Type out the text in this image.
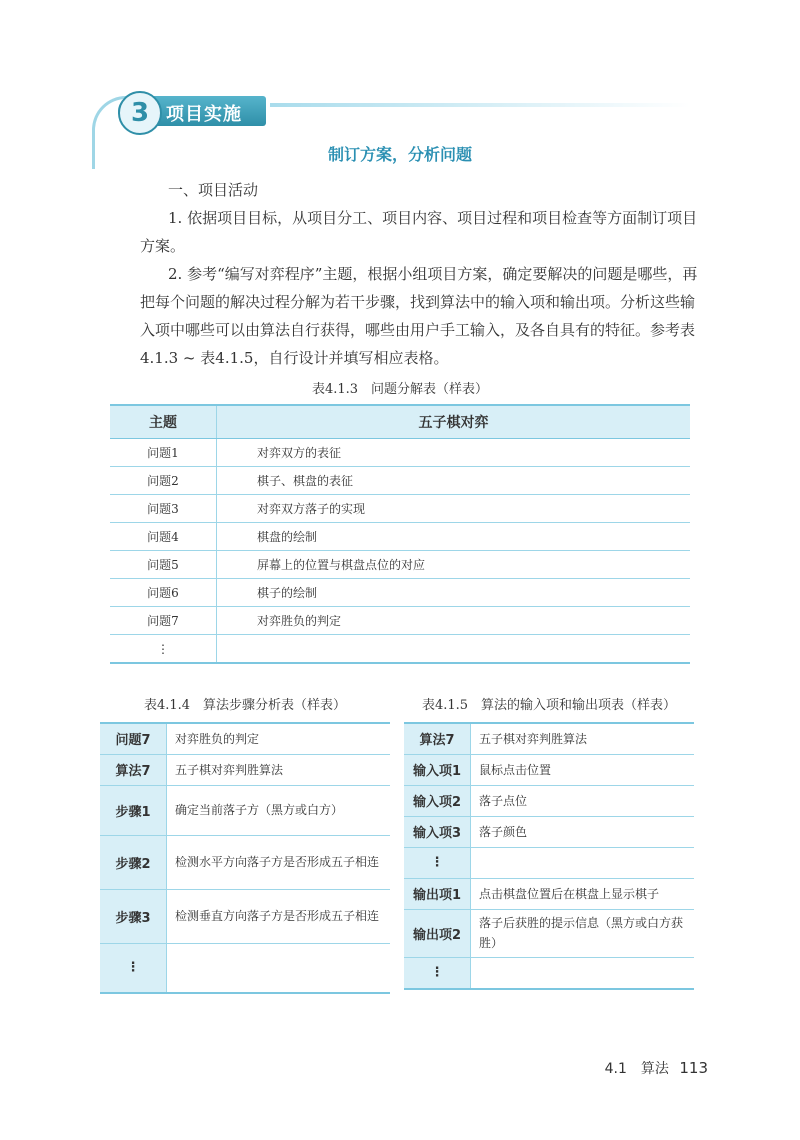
3 项目实施
制订方案，分析问题

一、项目活动

1. 依据项目目标，从项目分工、项目内容、项目过程和项目检查等方面制订项目方案。

2. 参考“编写对弈程序”主题，根据小组项目方案，确定要解决的问题是哪些，再把每个问题的解决过程分解为若干步骤，找到算法中的输入项和输出项。分析这些输入项中哪些可以由算法自行获得，哪些由用户手工输入，及各自具有的特征。参考表4.1.3 ~ 表4.1.5，自行设计并填写相应表格。

表4.1.3　问题分解表（样表）
主题	五子棋对弈
问题1	对弈双方的表征
问题2	棋子、棋盘的表征
问题3	对弈双方落子的实现
问题4	棋盘的绘制
问题5	屏幕上的位置与棋盘点位的对应
问题6	棋子的绘制
问题7	对弈胜负的判定
⋮	
表4.1.4　算法步骤分析表（样表）	表4.1.5　算法的输入项和输出项表（样表）
问题7	对弈胜负的判定
算法7	五子棋对弈判胜算法
步骤1	确定当前落子方（黑方或白方）
步骤2	检测水平方向落子方是否形成五子相连
步骤3	检测垂直方向落子方是否形成五子相连
⋮	
算法7	五子棋对弈判胜算法
输入项1	鼠标点击位置
输入项2	落子点位
输入项3	落子颜色
⋮	
输出项1	点击棋盘位置后在棋盘上显示棋子
输出项2	落子后获胜的提示信息（黑方或白方获胜）
⋮	
4.1　算法 113
